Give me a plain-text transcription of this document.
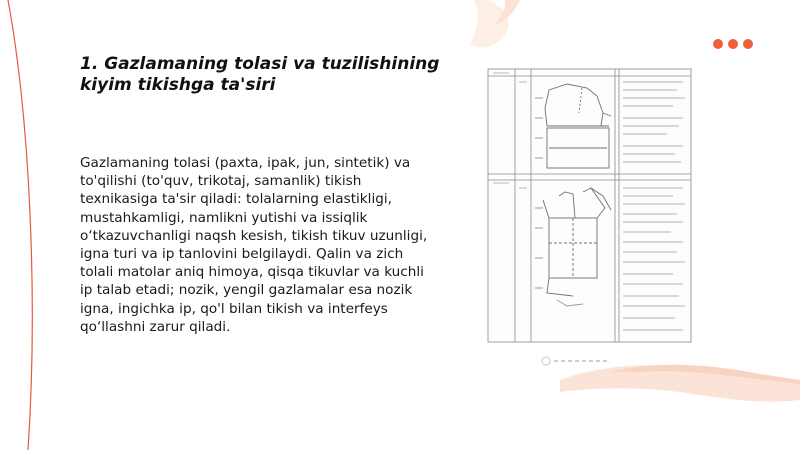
1. Gazlamaning tolasi va tuzilishining kiyim tikishga ta'siri

Gazlamaning tolasi (paxta, ipak, jun, sintetik) va to'qilishi (to'quv, trikotaj, samanlik) tikish texnikasiga ta'sir qiladi: tolalarning elastikligi, mustahkamligi, namlikni yutishi va issiqlik o‘tkazuvchanligi naqsh kesish, tikish tikuv uzunligi, igna turi va ip tanlovini belgilaydi. Qalin va zich tolali matolar aniq himoya, qisqa tikuvlar va kuchli ip talab etadi; nozik, yengil gazlamalar esa nozik igna, ingichka ip, qo'l bilan tikish va interfeys qo‘llashni zarur qiladi.
